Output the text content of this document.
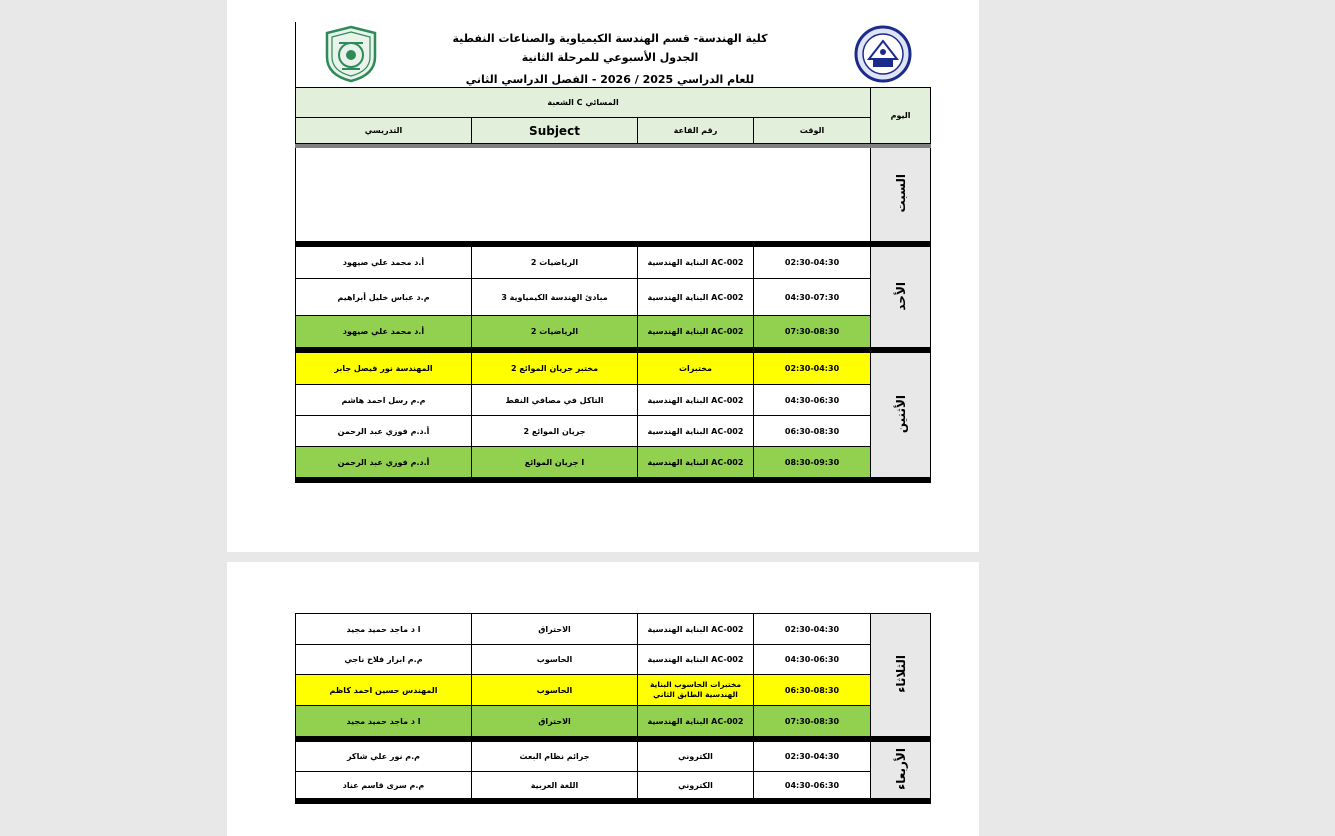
كلية الهندسة- قسم الهندسة الكيمياوية والصناعات النفطية
الجدول الأسبوعي للمرحلة الثانية
للعام الدراسي 2025 / 2026 - الفصل الدراسي الثاني
الشعبة C المسائي				اليوم
التدريسي	Subject	رقم القاعة	الوقت	

				السبت

أ.د محمد علي صيهود	الرياضيات 2	البناية الهندسية AC-002	02:30-04:30	الأحد
م.د عباس خليل أبراهيم	مبادئ الهندسة الكيمياوية 3	البناية الهندسية AC-002	04:30-07:30	
أ.د محمد علي صيهود	الرياضيات 2	البناية الهندسية AC-002	07:30-08:30	

المهندسة نور فيصل جابر	مختبر جريان الموائع 2	مختبرات	02:30-04:30	الأثنين
م.م رسل احمد هاشم	التاكل في مصافي النفط	البناية الهندسية AC-002	04:30-06:30	
أ.د.م فوزي عبد الرحمن	جريان الموائع 2	البناية الهندسية AC-002	06:30-08:30	
أ.د.م فوزي عبد الرحمن	جريان الموائع I	البناية الهندسية AC-002	08:30-09:30	

ا د ماجد حميد مجيد	الاحتراق	البناية الهندسية AC-002	02:30-04:30	الثلاثاء
م.م ابرار فلاح ناجي	الحاسوب	البناية الهندسية AC-002	04:30-06:30	
المهندس حسين احمد كاظم	الحاسوب	مختبرات الحاسوب البناية الهندسية الطابق الثاني	06:30-08:30	
ا د ماجد حميد مجيد	الاحتراق	البناية الهندسية AC-002	07:30-08:30	

م.م نور علي شاكر	جرائم نظام البعث	الكتروني	02:30-04:30	الأربعاء
م.م سرى قاسم عناد	اللغة العربية	الكتروني	04:30-06:30	
